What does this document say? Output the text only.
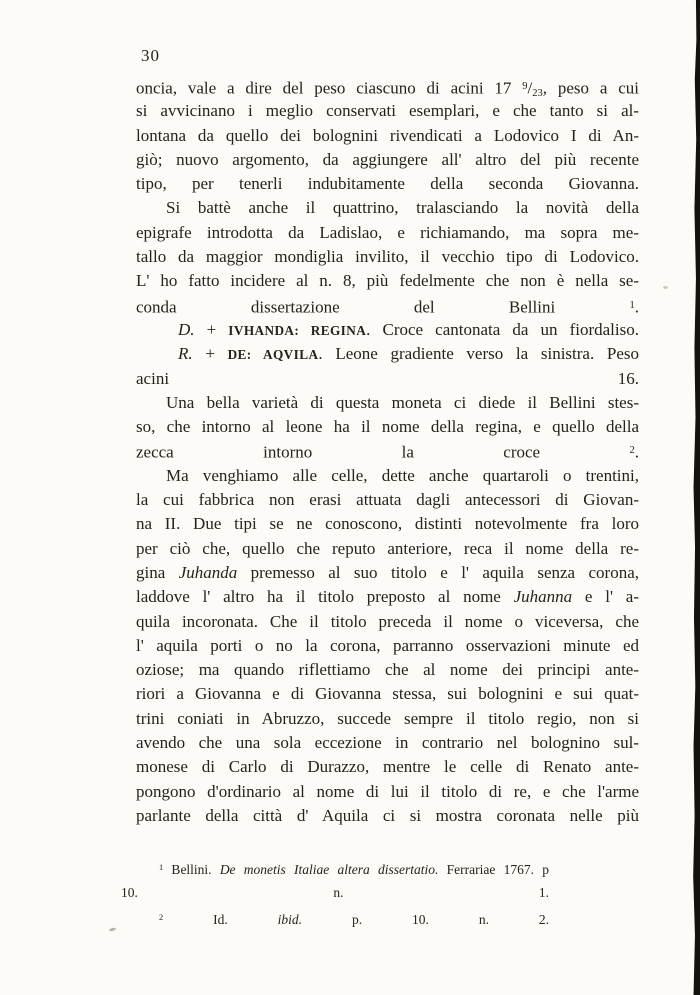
30
oncia, vale a dire del peso ciascuno di acini 17 $^9$/23, peso a cui
si avvicinano i meglio conservati esemplari, e che tanto si al-
lontana da quello dei bolognini rivendicati a Lodovico I di An-
giò; nuovo argomento, da aggiungere all' altro del più recente
tipo, per tenerli indubitamente della seconda Giovanna.
Si battè anche il quattrino, tralasciando la novità della
epigrafe introdotta da Ladislao, e richiamando, ma sopra me-
tallo da maggior mondiglia invilito, il vecchio tipo di Lodovico.
L' ho fatto incidere al n. 8, più fedelmente che non è nella se-
conda dissertazione del Bellini $^1$.
D. + IVHANDA: REGINA. Croce cantonata da un fiordaliso.
R. + DE: AQVILA. Leone gradiente verso la sinistra. Peso
acini 16.
Una bella varietà di questa moneta ci diede il Bellini stes-
so, che intorno al leone ha il nome della regina, e quello della
zecca intorno la croce $^2$.
Ma venghiamo alle celle, dette anche quartaroli o trentini,
la cui fabbrica non erasi attuata dagli antecessori di Giovan-
na II. Due tipi se ne conoscono, distinti notevolmente fra loro
per ciò che, quello che reputo anteriore, reca il nome della re-
gina Juhanda premesso al suo titolo e l' aquila senza corona,
laddove l' altro ha il titolo preposto al nome Juhanna e l' a-
quila incoronata. Che il titolo preceda il nome o viceversa, che
l' aquila porti o no la corona, parranno osservazioni minute ed
oziose; ma quando riflettiamo che al nome dei principi ante-
riori a Giovanna e di Giovanna stessa, sui bolognini e sui quat-
trini coniati in Abruzzo, succede sempre il titolo regio, non si
avendo che una sola eccezione in contrario nel bolognino sul-
monese di Carlo di Durazzo, mentre le celle di Renato ante-
pongono d'ordinario al nome di lui il titolo di re, e che l'arme
parlante della città d' Aquila ci si mostra coronata nelle più
$^1$ Bellini. De monetis Italiae altera dissertatio. Ferrariae 1767. p
10. n. 1.
$^2$ Id. ibid. p. 10. n. 2.
